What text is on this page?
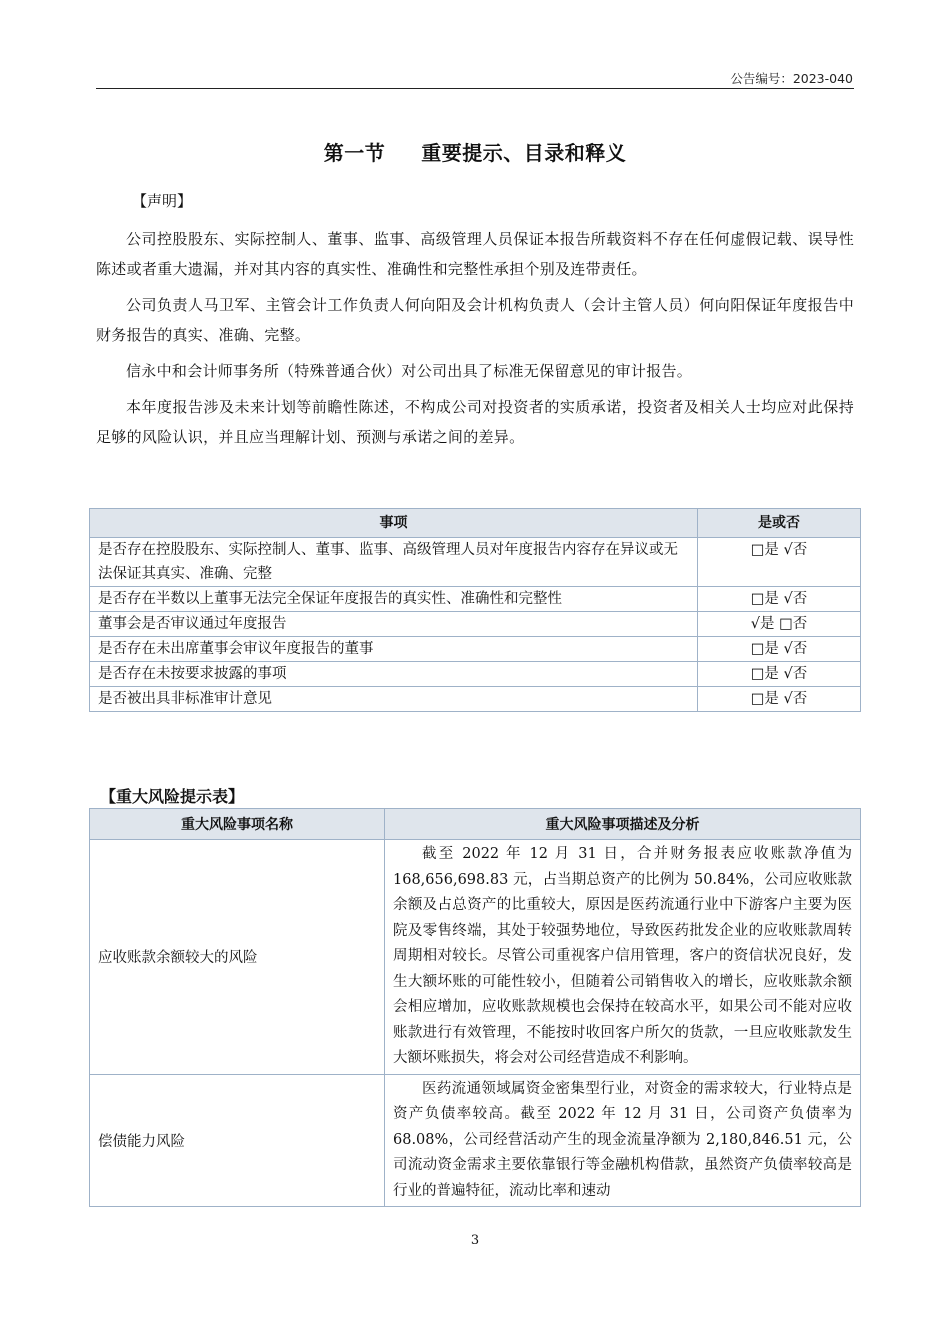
公告编号：2023-040
第一节 重要提示、目录和释义
【声明】

公司控股股东、实际控制人、董事、监事、高级管理人员保证本报告所载资料不存在任何虚假记载、误导性陈述或者重大遗漏，并对其内容的真实性、准确性和完整性承担个别及连带责任。

公司负责人马卫军、主管会计工作负责人何向阳及会计机构负责人（会计主管人员）何向阳保证年度报告中财务报告的真实、准确、完整。

信永中和会计师事务所（特殊普通合伙）对公司出具了标准无保留意见的审计报告。

本年度报告涉及未来计划等前瞻性陈述，不构成公司对投资者的实质承诺，投资者及相关人士均应对此保持足够的风险认识，并且应当理解计划、预测与承诺之间的差异。

事项	是或否
是否存在控股股东、实际控制人、董事、监事、高级管理人员对年度报告内容存在异议或无法保证其真实、准确、完整	□是 √否
是否存在半数以上董事无法完全保证年度报告的真实性、准确性和完整性	□是 √否
董事会是否审议通过年度报告	√是 □否
是否存在未出席董事会审议年度报告的董事	□是 √否
是否存在未按要求披露的事项	□是 √否
是否被出具非标准审计意见	□是 √否
【重大风险提示表】
重大风险事项名称	重大风险事项描述及分析
应收账款余额较大的风险	截至 2022 年 12 月 31 日，合并财务报表应收账款净值为 168,656,698.83 元，占当期总资产的比例为 50.84%，公司应收账款余额及占总资产的比重较大，原因是医药流通行业中下游客户主要为医院及零售终端，其处于较强势地位，导致医药批发企业的应收账款周转周期相对较长。尽管公司重视客户信用管理，客户的资信状况良好，发生大额坏账的可能性较小，但随着公司销售收入的增长，应收账款余额会相应增加，应收账款规模也会保持在较高水平，如果公司不能对应收账款进行有效管理，不能按时收回客户所欠的货款，一旦应收账款发生大额坏账损失，将会对公司经营造成不利影响。

偿债能力风险	医药流通领域属资金密集型行业，对资金的需求较大，行业特点是资产负债率较高。截至 2022 年 12 月 31 日，公司资产负债率为 68.08%，公司经营活动产生的现金流量净额为 2,180,846.51 元，公司流动资金需求主要依靠银行等金融机构借款，虽然资产负债率较高是行业的普遍特征，流动比率和速动
3
